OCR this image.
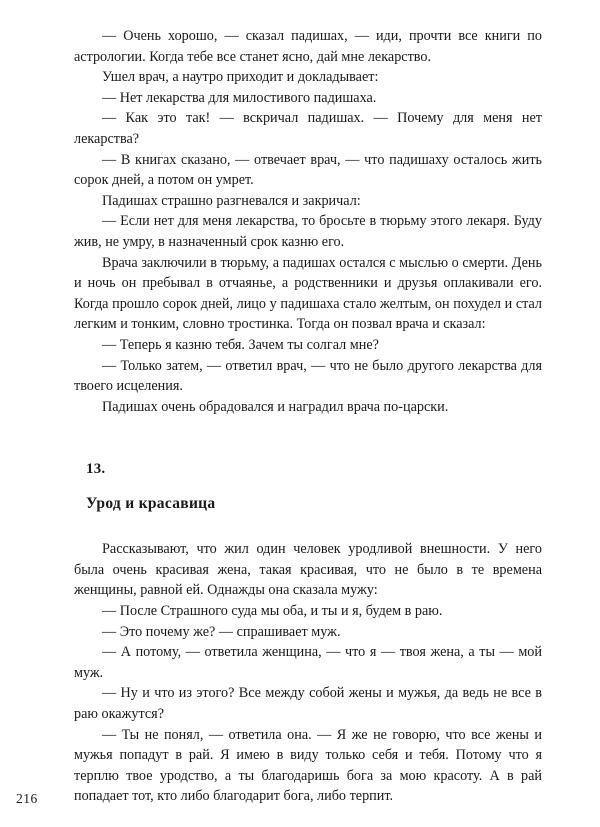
— Очень хорошо, — сказал падишах, — иди, прочти все книги по астрологии. Когда тебе все станет ясно, дай мне лекарство.

Ушел врач, а наутро приходит и докладывает:

— Нет лекарства для милостивого падишаха.

— Как это так! — вскричал падишах. — Почему для меня нет лекарства?

— В книгах сказано, — отвечает врач, — что падишаху осталось жить сорок дней, а потом он умрет.

Падишах страшно разгневался и закричал:

— Если нет для меня лекарства, то бросьте в тюрьму этого лекаря. Буду жив, не умру, в назначенный срок казню его.

Врача заключили в тюрьму, а падишах остался с мыслью о смерти. День и ночь он пребывал в отчаянье, а родственники и друзья оплакивали его. Когда прошло сорок дней, лицо у падишаха стало желтым, он похудел и стал легким и тонким, словно тростинка. Тогда он позвал врача и сказал:

— Теперь я казню тебя. Зачем ты солгал мне?

— Только затем, — ответил врач, — что не было другого лекарства для твоего исцеления.

Падишах очень обрадовался и наградил врача по-царски.

13.
Урод и красавица

Рассказывают, что жил один человек уродливой внешности. У него была очень красивая жена, такая красивая, что не было в те времена женщины, равной ей. Однажды она сказала мужу:

— После Страшного суда мы оба, и ты и я, будем в раю.

— Это почему же? — спрашивает муж.

— А потому, — ответила женщина, — что я — твоя жена, а ты — мой муж.

— Ну и что из этого? Все между собой жены и мужья, да ведь не все в раю окажутся?

— Ты не понял, — ответила она. — Я же не говорю, что все жены и мужья попадут в рай. Я имею в виду только себя и тебя. Потому что я терплю твое уродство, а ты благодаришь бога за мою красоту. А в рай попадает тот, кто либо благодарит бога, либо терпит.

216
